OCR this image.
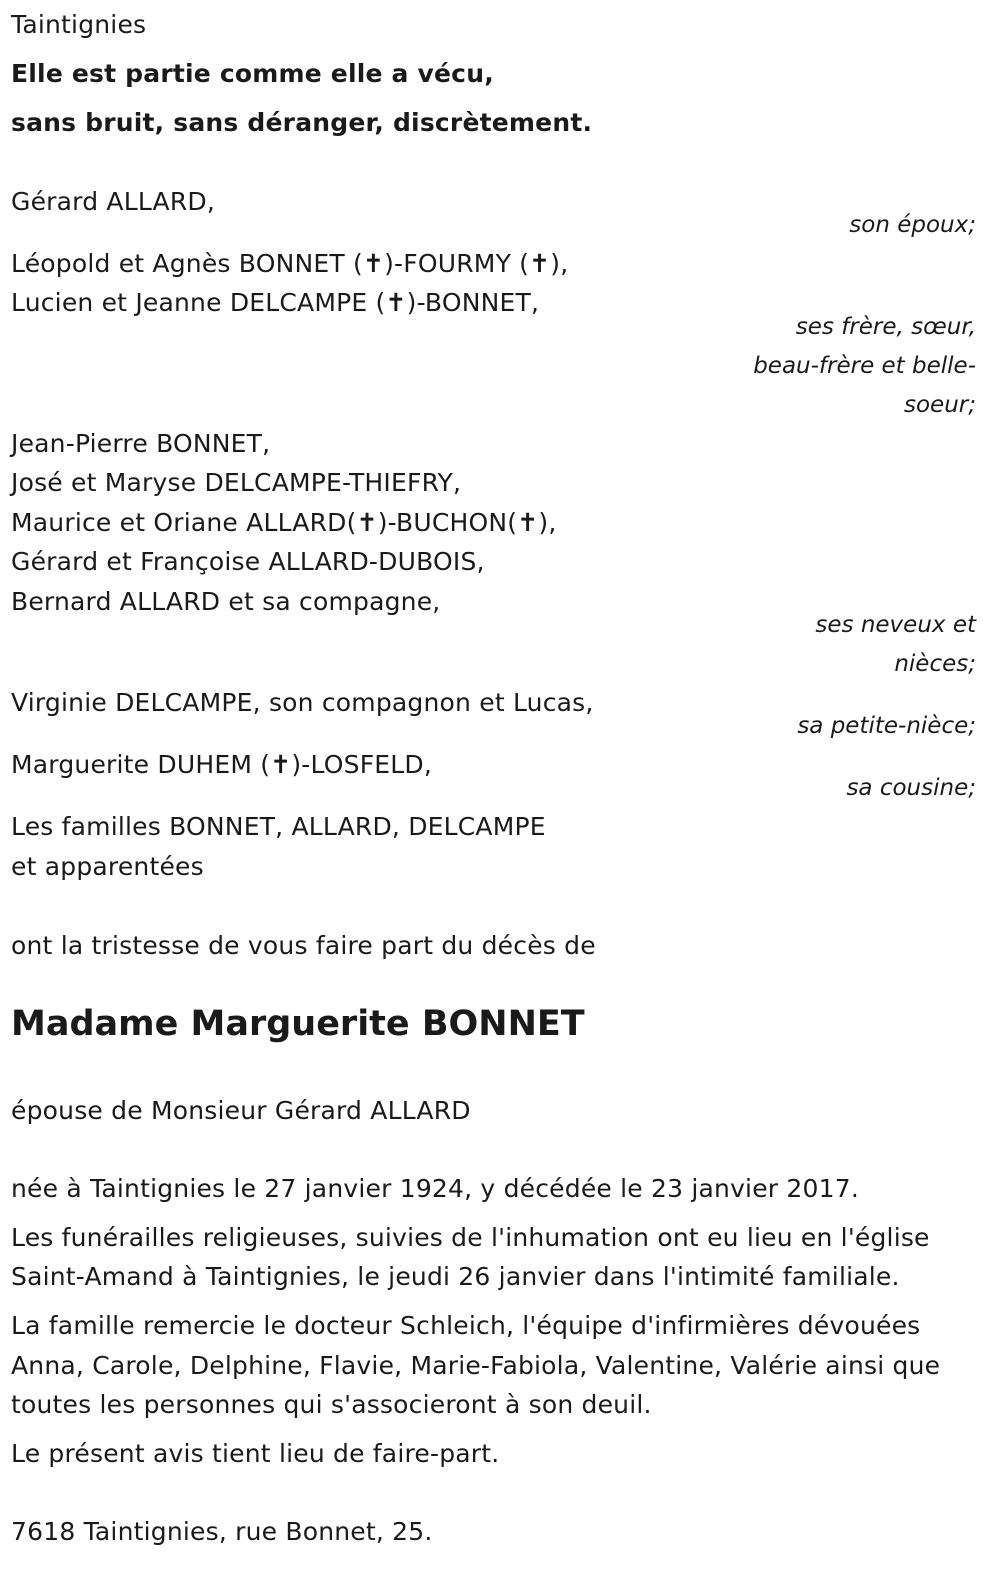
Taintignies

Elle est partie comme elle a vécu,

sans bruit, sans déranger, discrètement.

Gérard ALLARD,

son époux;

Léopold et Agnès BONNET (✝)-FOURMY (✝),

Lucien et Jeanne DELCAMPE (✝)-BONNET,

ses frère, sœur,

beau-frère et belle-

soeur;

Jean-Pierre BONNET,

José et Maryse DELCAMPE-THIEFRY,

Maurice et Oriane ALLARD(✝)-BUCHON(✝),

Gérard et Françoise ALLARD-DUBOIS,

Bernard ALLARD et sa compagne,

ses neveux et

nièces;

Virginie DELCAMPE, son compagnon et Lucas,

sa petite-nièce;

Marguerite DUHEM (✝)-LOSFELD,

sa cousine;

Les familles BONNET, ALLARD, DELCAMPE

et apparentées

ont la tristesse de vous faire part du décès de

Madame Marguerite BONNET

épouse de Monsieur Gérard ALLARD

née à Taintignies le 27 janvier 1924, y décédée le 23 janvier 2017.

Les funérailles religieuses, suivies de l'inhumation ont eu lieu en l'église

Saint-Amand à Taintignies, le jeudi 26 janvier dans l'intimité familiale.

La famille remercie le docteur Schleich, l'équipe d'infirmières dévouées

Anna, Carole, Delphine, Flavie, Marie-Fabiola, Valentine, Valérie ainsi que

toutes les personnes qui s'associeront à son deuil.

Le présent avis tient lieu de faire-part.

7618 Taintignies, rue Bonnet, 25.
